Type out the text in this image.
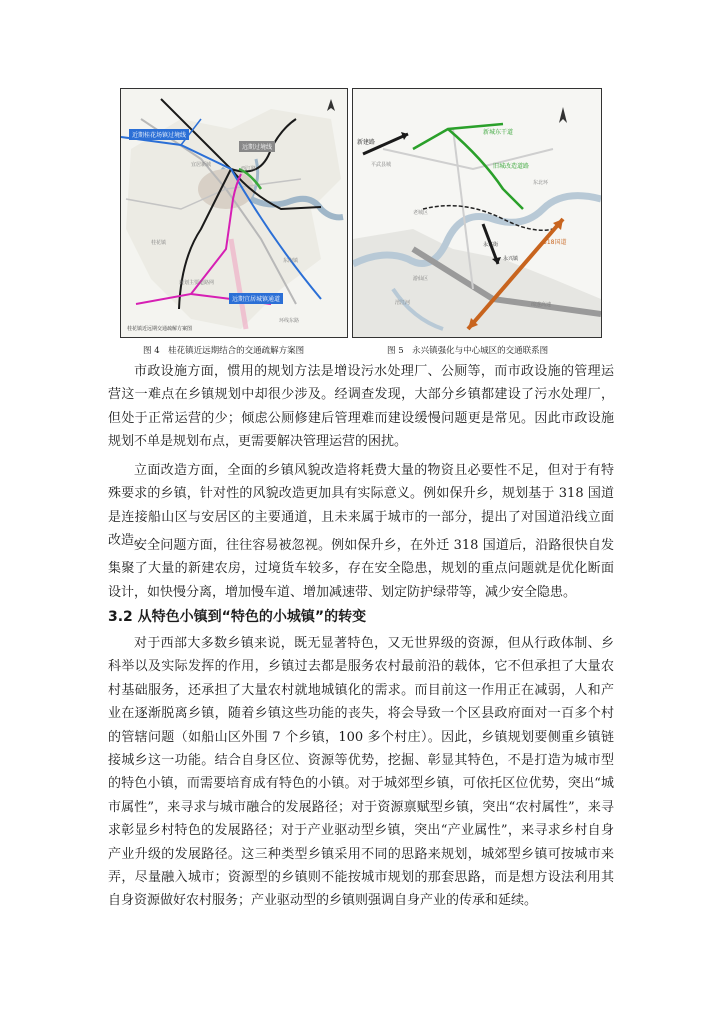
近期桂花场镇过境线
远期过境线
远期宜居城镇通道
西江路
宜居新城
桂花镇
规划主要道路网
东南镇
环线东路
桂花镇近远期交通疏解方案图
新建路
新城东干道
旧城改造道路
318国道
平武县城
永兴镇
永兴街
老城区
涪江河	绵遂高速
东北环
游仙区
图 4　桂花镇近远期结合的交通疏解方案图	图 5　永兴镇强化与中心城区的交通联系图

市政设施方面，惯用的规划方法是增设污水处理厂、公厕等，而市政设施的管理运营这一难点在乡镇规划中却很少涉及。经调查发现，大部分乡镇都建设了污水处理厂，但处于正常运营的少；倾虑公厕修建后管理难而建设缓慢问题更是常见。因此市政设施规划不单是规划布点，更需要解决管理运营的困扰。

立面改造方面，全面的乡镇风貌改造将耗费大量的物资且必要性不足，但对于有特殊要求的乡镇，针对性的风貌改造更加具有实际意义。例如保升乡，规划基于 318 国道是连接船山区与安居区的主要通道，且未来属于城市的一部分，提出了对国道沿线立面改造。

安全问题方面，往往容易被忽视。例如保升乡，在外迁 318 国道后，沿路很快自发集聚了大量的新建农房，过境货车较多，存在安全隐患，规划的重点问题就是优化断面设计，如快慢分离，增加慢车道、增加减速带、划定防护绿带等，减少安全隐患。

3.2 从特色小镇到“特色的小城镇”的转变

对于西部大多数乡镇来说，既无显著特色，又无世界级的资源，但从行政体制、乡科举以及实际发挥的作用，乡镇过去都是服务农村最前沿的载体，它不但承担了大量农村基础服务，还承担了大量农村就地城镇化的需求。而目前这一作用正在减弱，人和产业在逐渐脱离乡镇，随着乡镇这些功能的丧失，将会导致一个区县政府面对一百多个村的管辖问题（如船山区外围 7 个乡镇，100 多个村庄）。因此，乡镇规划要侧重乡镇链接城乡这一功能。结合自身区位、资源等优势，挖掘、彰显其特色，不是打造为城市型的特色小镇，而需要培育成有特色的小镇。对于城郊型乡镇，可依托区位优势，突出“城市属性”，来寻求与城市融合的发展路径；对于资源禀赋型乡镇，突出“农村属性”，来寻求彰显乡村特色的发展路径；对于产业驱动型乡镇，突出“产业属性”，来寻求乡村自身产业升级的发展路径。这三种类型乡镇采用不同的思路来规划，城郊型乡镇可按城市来弄，尽量融入城市；资源型的乡镇则不能按城市规划的那套思路，而是想方设法利用其自身资源做好农村服务；产业驱动型的乡镇则强调自身产业的传承和延续。
